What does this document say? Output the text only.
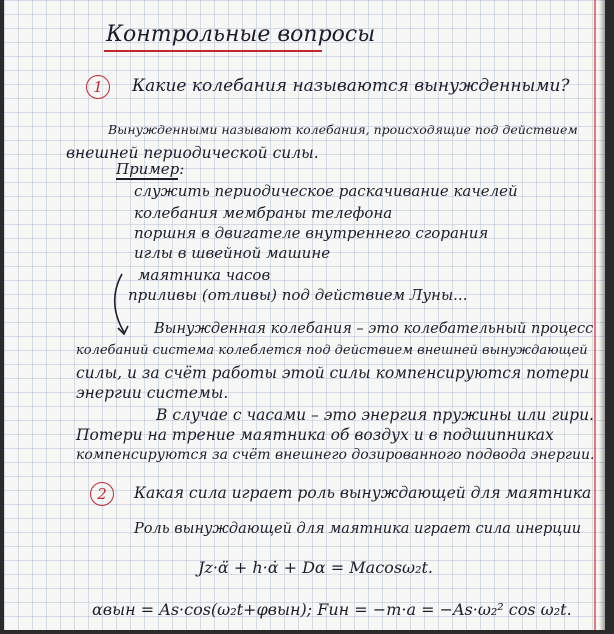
Контрольные вопросы
1	Какие колебания называются вынужденными?
Вынужденными называют колебания, происходящие под действием
внешней периодической силы.
Пример:
служить периодическое раскачивание качелей
колебания мембраны телефона
поршня в двигателе внутреннего сгорания
иглы в швейной машине
маятника часов
приливы (отливы) под действием Луны...
Вынужденная колебания – это колебательный процесс
колебаний система колеблется под действием внешней вынуждающей
силы, и за счёт работы этой силы компенсируются потери
энергии системы.
В случае с часами – это энергия пружины или гири.
Потери на трение маятника об воздух и в подшипниках
компенсируются за счёт внешнего дозированного подвода энергии.
2	Какая сила играет роль вынуждающей для маятника
Роль вынуждающей для маятника играет сила инерции
Jz·α̈ + h·α̇ + Dα = Macosω₂t.
αвын = As·cos(ω₂t+φвын); Fин = −m·a = −As·ω₂² cos ω₂t.
